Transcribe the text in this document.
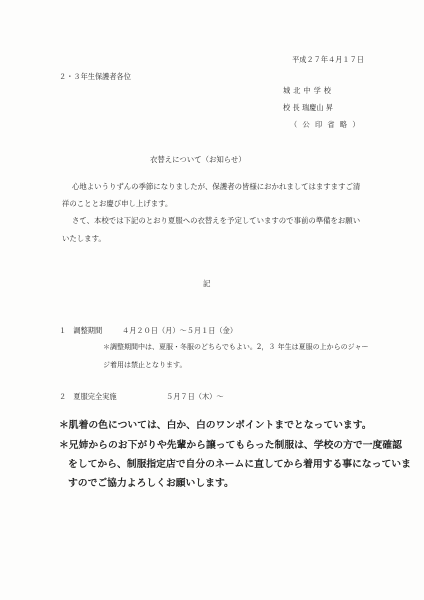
平成２７年４月１７日
２・３年生保護者各位
城北中学校
校 長 瑞慶山 昇
（ 公 印 省 略 ）
衣替えについて（お知らせ）
心地よいうりずんの季節になりましたが、保護者の皆様におかれましてはますますご清
祥のこととお慶び申し上げます。
さて、本校では下記のとおり夏服への衣替えを予定していますので事前の準備をお願い
いたします。
記
１　調整期間	４月２０日（月）～５月１日（金）
＊調整期間中は、夏服・冬服のどちらでもよい。2，３ 年生は夏服の上からのジャー
ジ着用は禁止となります。
２　夏服完全実施	５月７日（木）～
＊肌着の色については、白か、白のワンポイントまでとなっています。
＊兄姉からのお下がりや先輩から譲ってもらった制服は、学校の方で一度確認
をしてから、制服指定店で自分のネームに直してから着用する事になっていま
すのでご協力よろしくお願いします。
